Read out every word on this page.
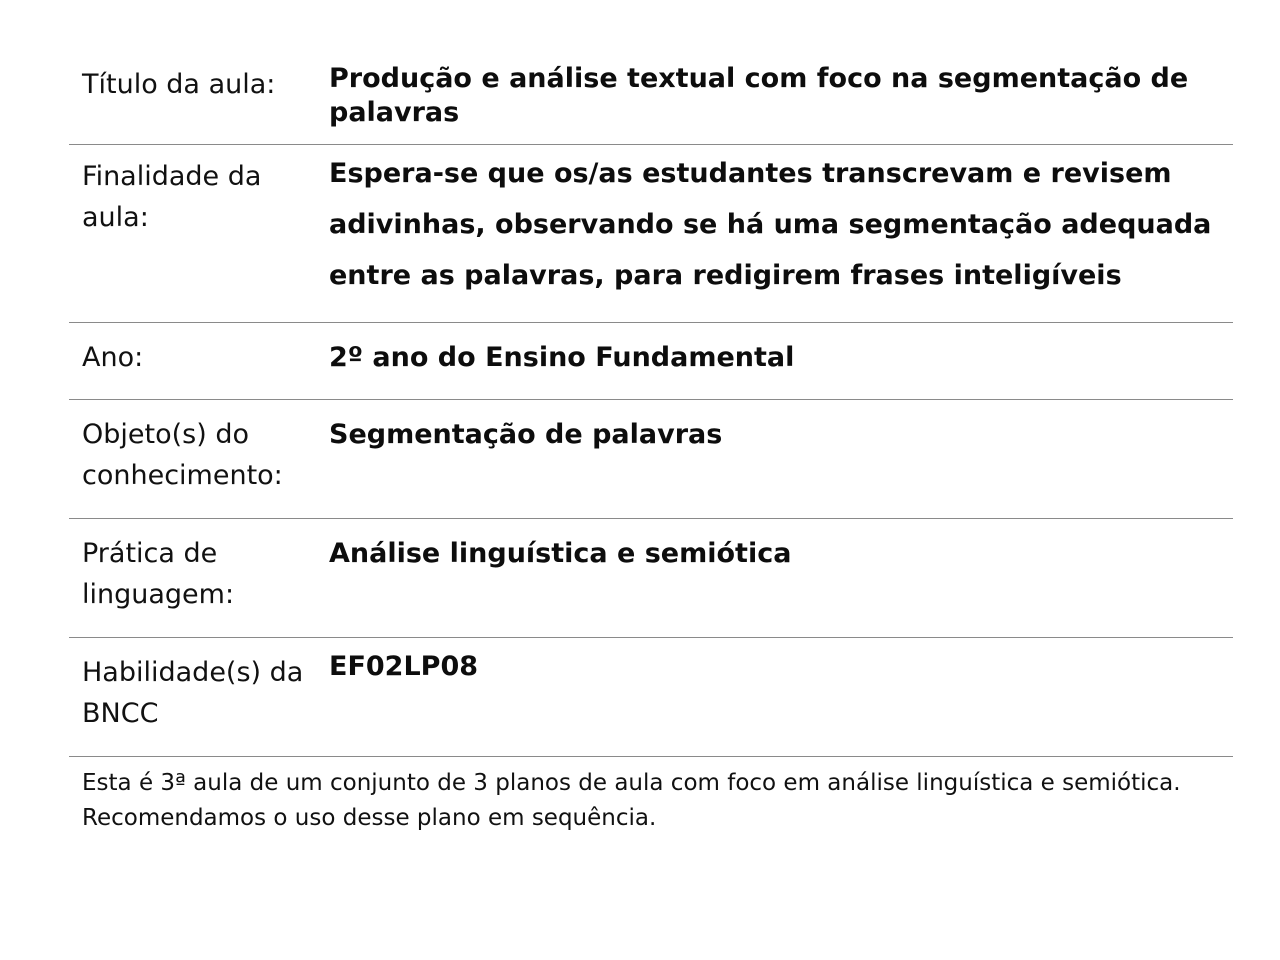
Título da aula:	Produção e análise textual com foco na segmentação de palavras
Finalidade da aula:
Espera-se que os/as estudantes transcrevam e revisem adivinhas, observando se há uma segmentação adequada entre as palavras, para redigirem frases inteligíveis
Ano:	2º ano do Ensino Fundamental
Objeto(s) do conhecimento:
Segmentação de palavras
Prática de linguagem:
Análise linguística e semiótica
Habilidade(s) da BNCC
EF02LP08
Esta é 3ª aula de um conjunto de 3 planos de aula com foco em análise linguística e semiótica. Recomendamos o uso desse plano em sequência.
